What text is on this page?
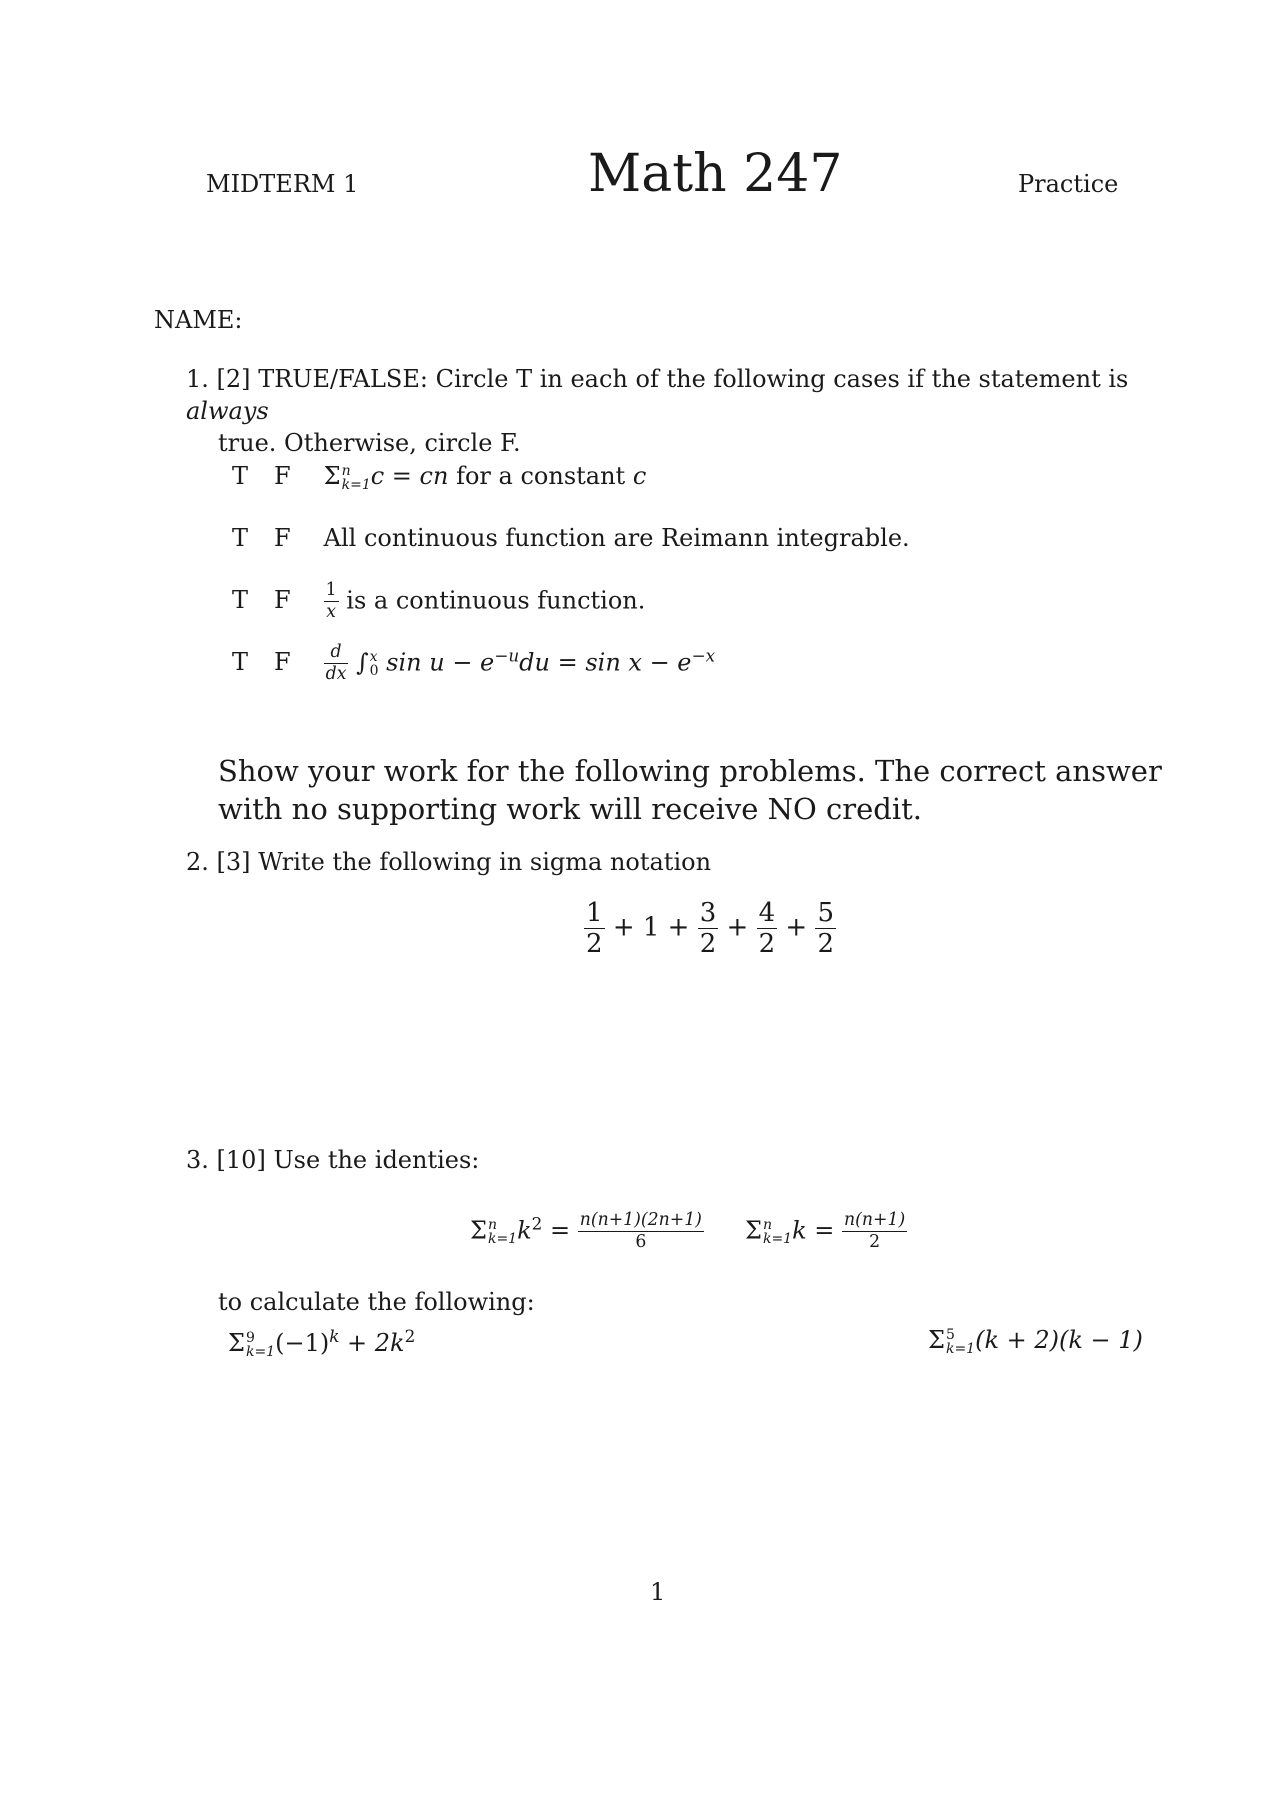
MIDTERM 1	Math 247	Practice
NAME:
1. [2] TRUE/FALSE: Circle T in each of the following cases if the statement is always
true. Otherwise, circle F.
T F Σ n
k=1 c = cn for a constant c
T F All continuous function are Reimann integrable.
T F $\frac{1}{x}$ is a continuous function.
T F $\frac{d}{dx}$ ∫ x
0 $\sin u - e^{-u}du = \sin x - e^{-x}$
Show your work for the following problems. The correct answer with no supporting work will receive NO credit.
2. [3] Write the following in sigma notation
$\frac{1}{2} + 1 + \frac{3}{2} + \frac{4}{2} + \frac{5}{2}$
3. [10] Use the identies:
Σ n
k=1 $k^2 = \frac{n(n+1)(2n+1)}{6}$ Σ n
k=1 $k = \frac{n(n+1)}{2}$
to calculate the following:
Σ 9
k=1 $(-1)^k + 2k^2$	Σ 5
k=1 (k + 2)(k − 1)
1
